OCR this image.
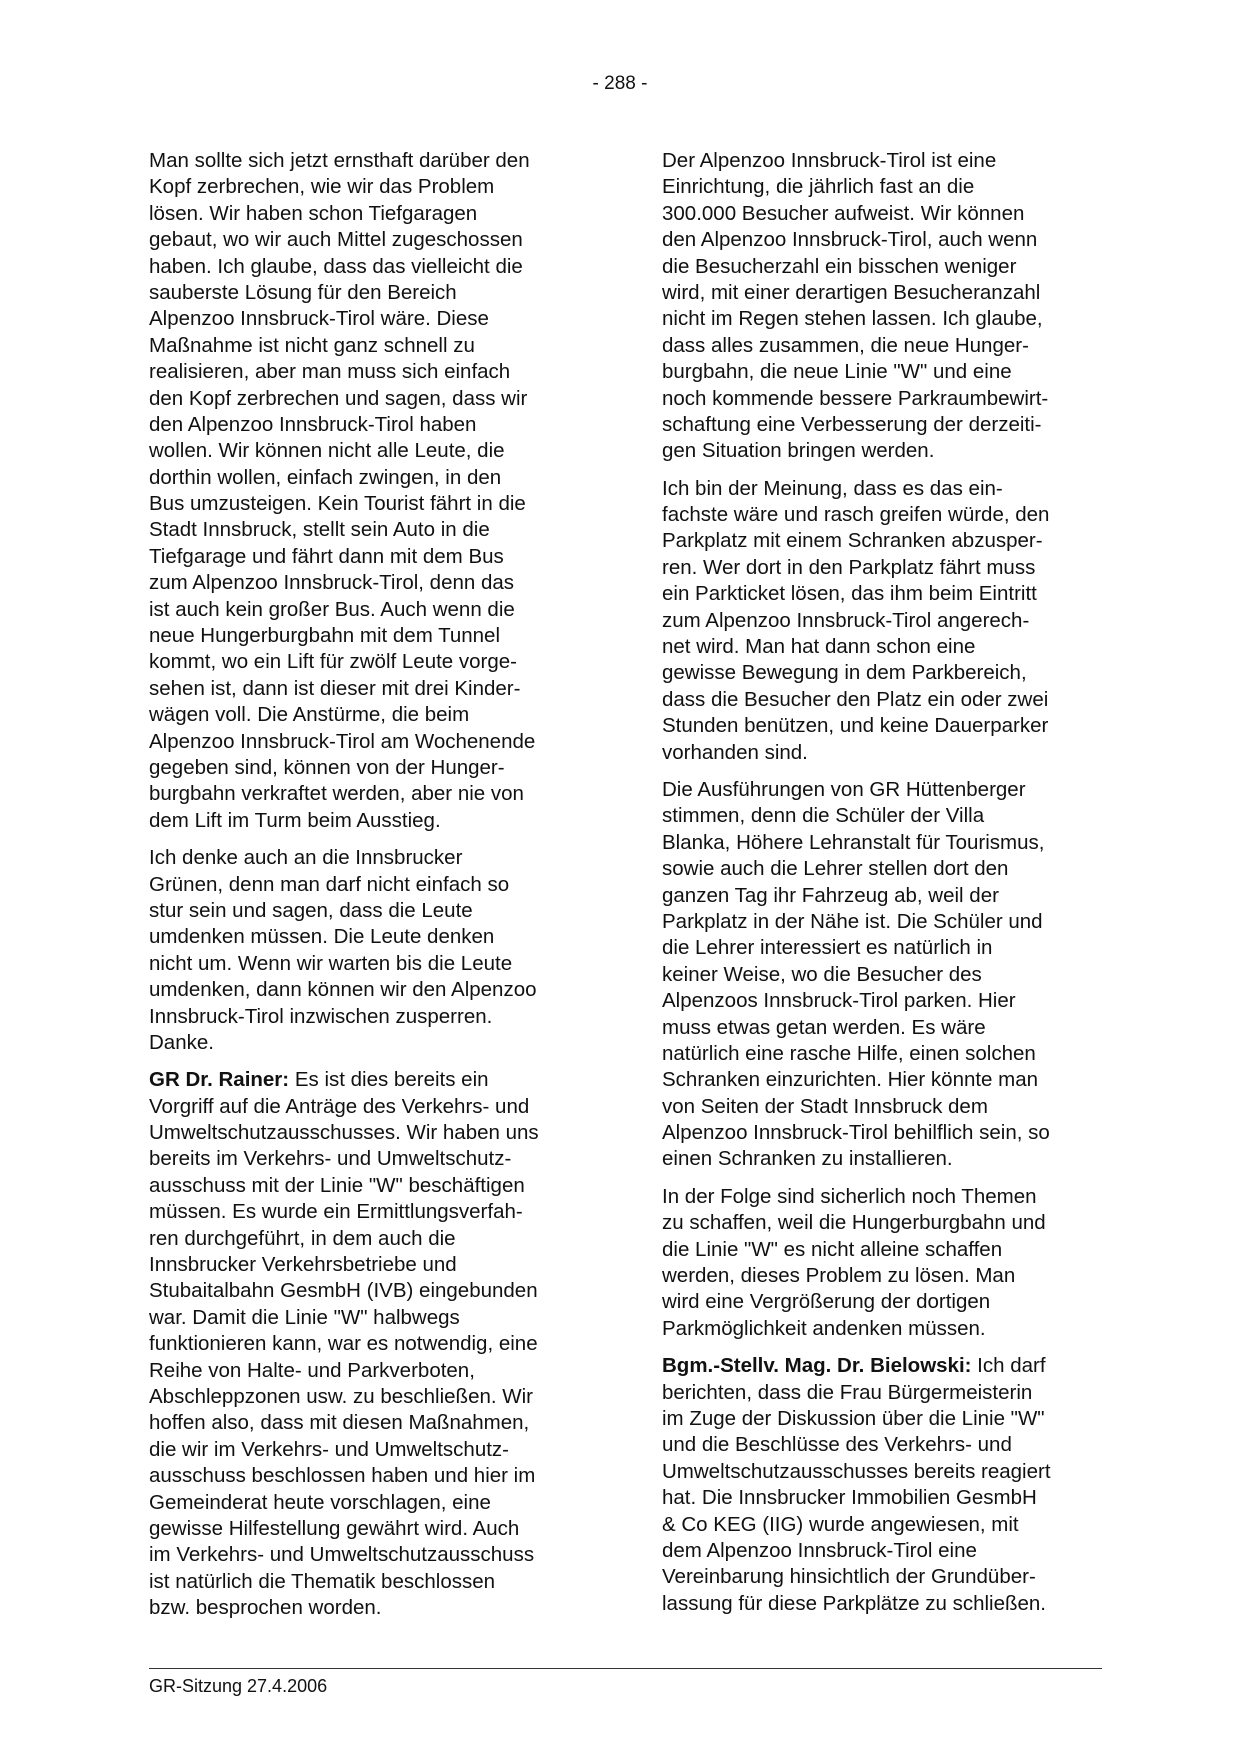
- 288 -
Man sollte sich jetzt ernsthaft darüber den
Kopf zerbrechen, wie wir das Problem
lösen. Wir haben schon Tiefgaragen
gebaut, wo wir auch Mittel zugeschossen
haben. Ich glaube, dass das vielleicht die
sauberste Lösung für den Bereich
Alpenzoo Innsbruck-Tirol wäre. Diese
Maßnahme ist nicht ganz schnell zu
realisieren, aber man muss sich einfach
den Kopf zerbrechen und sagen, dass wir
den Alpenzoo Innsbruck-Tirol haben
wollen. Wir können nicht alle Leute, die
dorthin wollen, einfach zwingen, in den
Bus umzusteigen. Kein Tourist fährt in die
Stadt Innsbruck, stellt sein Auto in die
Tiefgarage und fährt dann mit dem Bus
zum Alpenzoo Innsbruck-Tirol, denn das
ist auch kein großer Bus. Auch wenn die
neue Hungerburgbahn mit dem Tunnel
kommt, wo ein Lift für zwölf Leute vorge-
sehen ist, dann ist dieser mit drei Kinder-
wägen voll. Die Anstürme, die beim
Alpenzoo Innsbruck-Tirol am Wochenende
gegeben sind, können von der Hunger-
burgbahn verkraftet werden, aber nie von
dem Lift im Turm beim Ausstieg.
Ich denke auch an die Innsbrucker
Grünen, denn man darf nicht einfach so
stur sein und sagen, dass die Leute
umdenken müssen. Die Leute denken
nicht um. Wenn wir warten bis die Leute
umdenken, dann können wir den Alpenzoo
Innsbruck-Tirol inzwischen zusperren.
Danke.
GR Dr. Rainer: Es ist dies bereits ein
Vorgriff auf die Anträge des Verkehrs- und
Umweltschutzausschusses. Wir haben uns
bereits im Verkehrs- und Umweltschutz-
ausschuss mit der Linie "W" beschäftigen
müssen. Es wurde ein Ermittlungsverfah-
ren durchgeführt, in dem auch die
Innsbrucker Verkehrsbetriebe und
Stubaitalbahn GesmbH (IVB) eingebunden
war. Damit die Linie "W" halbwegs
funktionieren kann, war es notwendig, eine
Reihe von Halte- und Parkverboten,
Abschleppzonen usw. zu beschließen. Wir
hoffen also, dass mit diesen Maßnahmen,
die wir im Verkehrs- und Umweltschutz-
ausschuss beschlossen haben und hier im
Gemeinderat heute vorschlagen, eine
gewisse Hilfestellung gewährt wird. Auch
im Verkehrs- und Umweltschutzausschuss
ist natürlich die Thematik beschlossen
bzw. besprochen worden.
Der Alpenzoo Innsbruck-Tirol ist eine
Einrichtung, die jährlich fast an die
300.000 Besucher aufweist. Wir können
den Alpenzoo Innsbruck-Tirol, auch wenn
die Besucherzahl ein bisschen weniger
wird, mit einer derartigen Besucheranzahl
nicht im Regen stehen lassen. Ich glaube,
dass alles zusammen, die neue Hunger-
burgbahn, die neue Linie "W" und eine
noch kommende bessere Parkraumbewirt-
schaftung eine Verbesserung der derzeiti-
gen Situation bringen werden.
Ich bin der Meinung, dass es das ein-
fachste wäre und rasch greifen würde, den
Parkplatz mit einem Schranken abzusper-
ren. Wer dort in den Parkplatz fährt muss
ein Parkticket lösen, das ihm beim Eintritt
zum Alpenzoo Innsbruck-Tirol angerech-
net wird. Man hat dann schon eine
gewisse Bewegung in dem Parkbereich,
dass die Besucher den Platz ein oder zwei
Stunden benützen, und keine Dauerparker
vorhanden sind.
Die Ausführungen von GR Hüttenberger
stimmen, denn die Schüler der Villa
Blanka, Höhere Lehranstalt für Tourismus,
sowie auch die Lehrer stellen dort den
ganzen Tag ihr Fahrzeug ab, weil der
Parkplatz in der Nähe ist. Die Schüler und
die Lehrer interessiert es natürlich in
keiner Weise, wo die Besucher des
Alpenzoos Innsbruck-Tirol parken. Hier
muss etwas getan werden. Es wäre
natürlich eine rasche Hilfe, einen solchen
Schranken einzurichten. Hier könnte man
von Seiten der Stadt Innsbruck dem
Alpenzoo Innsbruck-Tirol behilflich sein, so
einen Schranken zu installieren.
In der Folge sind sicherlich noch Themen
zu schaffen, weil die Hungerburgbahn und
die Linie "W" es nicht alleine schaffen
werden, dieses Problem zu lösen. Man
wird eine Vergrößerung der dortigen
Parkmöglichkeit andenken müssen.
Bgm.-Stellv. Mag. Dr. Bielowski: Ich darf
berichten, dass die Frau Bürgermeisterin
im Zuge der Diskussion über die Linie "W"
und die Beschlüsse des Verkehrs- und
Umweltschutzausschusses bereits reagiert
hat. Die Innsbrucker Immobilien GesmbH
& Co KEG (IIG) wurde angewiesen, mit
dem Alpenzoo Innsbruck-Tirol eine
Vereinbarung hinsichtlich der Grundüber-
lassung für diese Parkplätze zu schließen.
GR-Sitzung 27.4.2006
